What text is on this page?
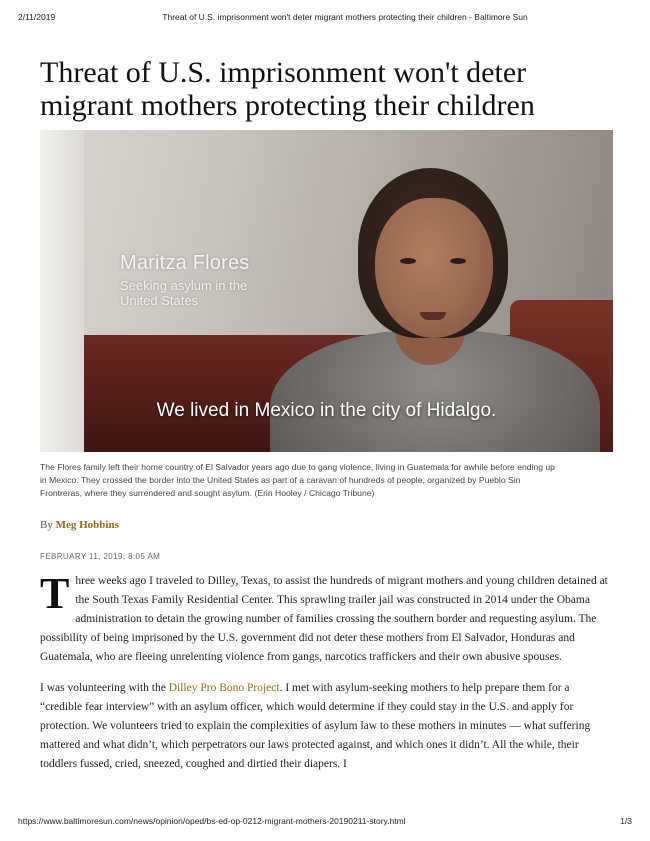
2/11/2019	Threat of U.S. imprisonment won't deter migrant mothers protecting their children - Baltimore Sun
Threat of U.S. imprisonment won't deter
migrant mothers protecting their children
Maritza Flores
Seeking asylum in the
United States
We lived in Mexico in the city of Hidalgo.

The Flores family left their home country of El Salvador years ago due to gang violence, living in Guatemala for awhile before ending up
in Mexico. They crossed the border into the United States as part of a caravan of hundreds of people, organized by Pueblo Sin
Frontreras, where they surrendered and sought asylum. (Erin Hooley / Chicago Tribune)

By Meg Hobbins
FEBRUARY 11, 2019, 8:05 AM

Three weeks ago I traveled to Dilley, Texas, to assist the hundreds of migrant mothers and young children detained at the South Texas Family Residential Center. This sprawling trailer jail was constructed in 2014 under the Obama administration to detain the growing number of families crossing the southern border and requesting asylum. The possibility of being imprisoned by the U.S. government did not deter these mothers from El Salvador, Honduras and Guatemala, who are fleeing unrelenting violence from gangs, narcotics traffickers and their own abusive spouses.

I was volunteering with the Dilley Pro Bono Project. I met with asylum-seeking mothers to help prepare them for a “credible fear interview” with an asylum officer, which would determine if they could stay in the U.S. and apply for protection. We volunteers tried to explain the complexities of asylum law to these mothers in minutes — what suffering mattered and what didn’t, which perpetrators our laws protected against, and which ones it didn’t. All the while, their toddlers fussed, cried, sneezed, coughed and dirtied their diapers. I

https://www.baltimoresun.com/news/opinion/oped/bs-ed-op-0212-migrant-mothers-20190211-story.html	1/3
